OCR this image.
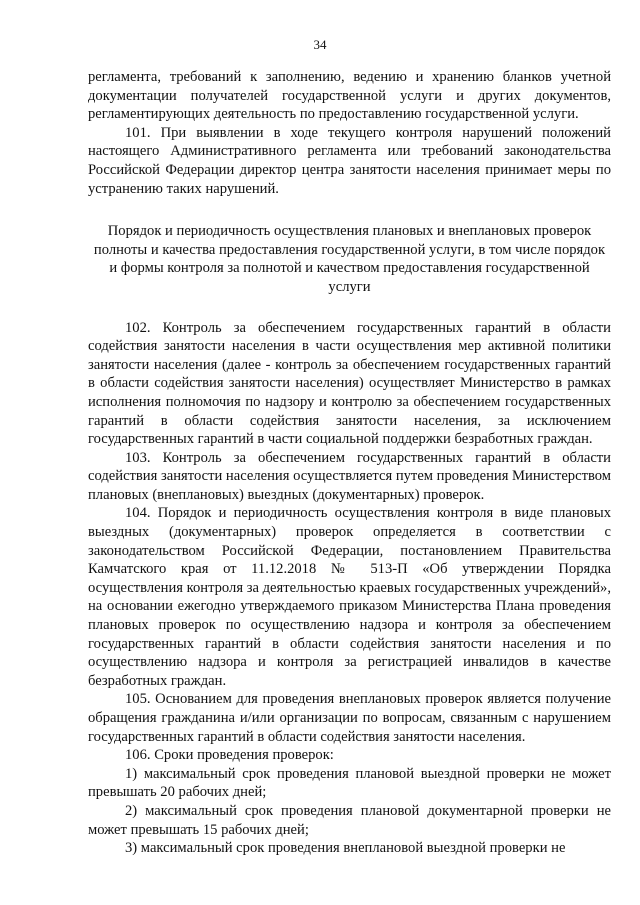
34

регламента, требований к заполнению, ведению и хранению бланков учетной документации получателей государственной услуги и других документов, регламентирующих деятельность по предоставлению государственной услуги.

101. При выявлении в ходе текущего контроля нарушений положений настоящего Административного регламента или требований законодательства Российской Федерации директор центра занятости населения принимает меры по устранению таких нарушений.

Порядок и периодичность осуществления плановых и внеплановых проверок полноты и качества предоставления государственной услуги, в том числе порядок и формы контроля за полнотой и качеством предоставления государственной услуги

102. Контроль за обеспечением государственных гарантий в области содействия занятости населения в части осуществления мер активной политики занятости населения (далее - контроль за обеспечением государственных гарантий в области содействия занятости населения) осуществляет Министерство в рамках исполнения полномочия по надзору и контролю за обеспечением государственных гарантий в области содействия занятости населения, за исключением государственных гарантий в части социальной поддержки безработных граждан.

103. Контроль за обеспечением государственных гарантий в области содействия занятости населения осуществляется путем проведения Министерством плановых (внеплановых) выездных (документарных) проверок.

104. Порядок и периодичность осуществления контроля в виде плановых выездных (документарных) проверок определяется в соответствии с законодательством Российской Федерации, постановлением Правительства Камчатского края от 11.12.2018 № 513-П «Об утверждении Порядка осуществления контроля за деятельностью краевых государственных учреждений», на основании ежегодно утверждаемого приказом Министерства Плана проведения плановых проверок по осуществлению надзора и контроля за обеспечением государственных гарантий в области содействия занятости населения и по осуществлению надзора и контроля за регистрацией инвалидов в качестве безработных граждан.

105. Основанием для проведения внеплановых проверок является получение обращения гражданина и/или организации по вопросам, связанным с нарушением государственных гарантий в области содействия занятости населения.

106. Сроки проведения проверок:

1) максимальный срок проведения плановой выездной проверки не может превышать 20 рабочих дней;

2) максимальный срок проведения плановой документарной проверки не может превышать 15 рабочих дней;

3) максимальный срок проведения внеплановой выездной проверки не
